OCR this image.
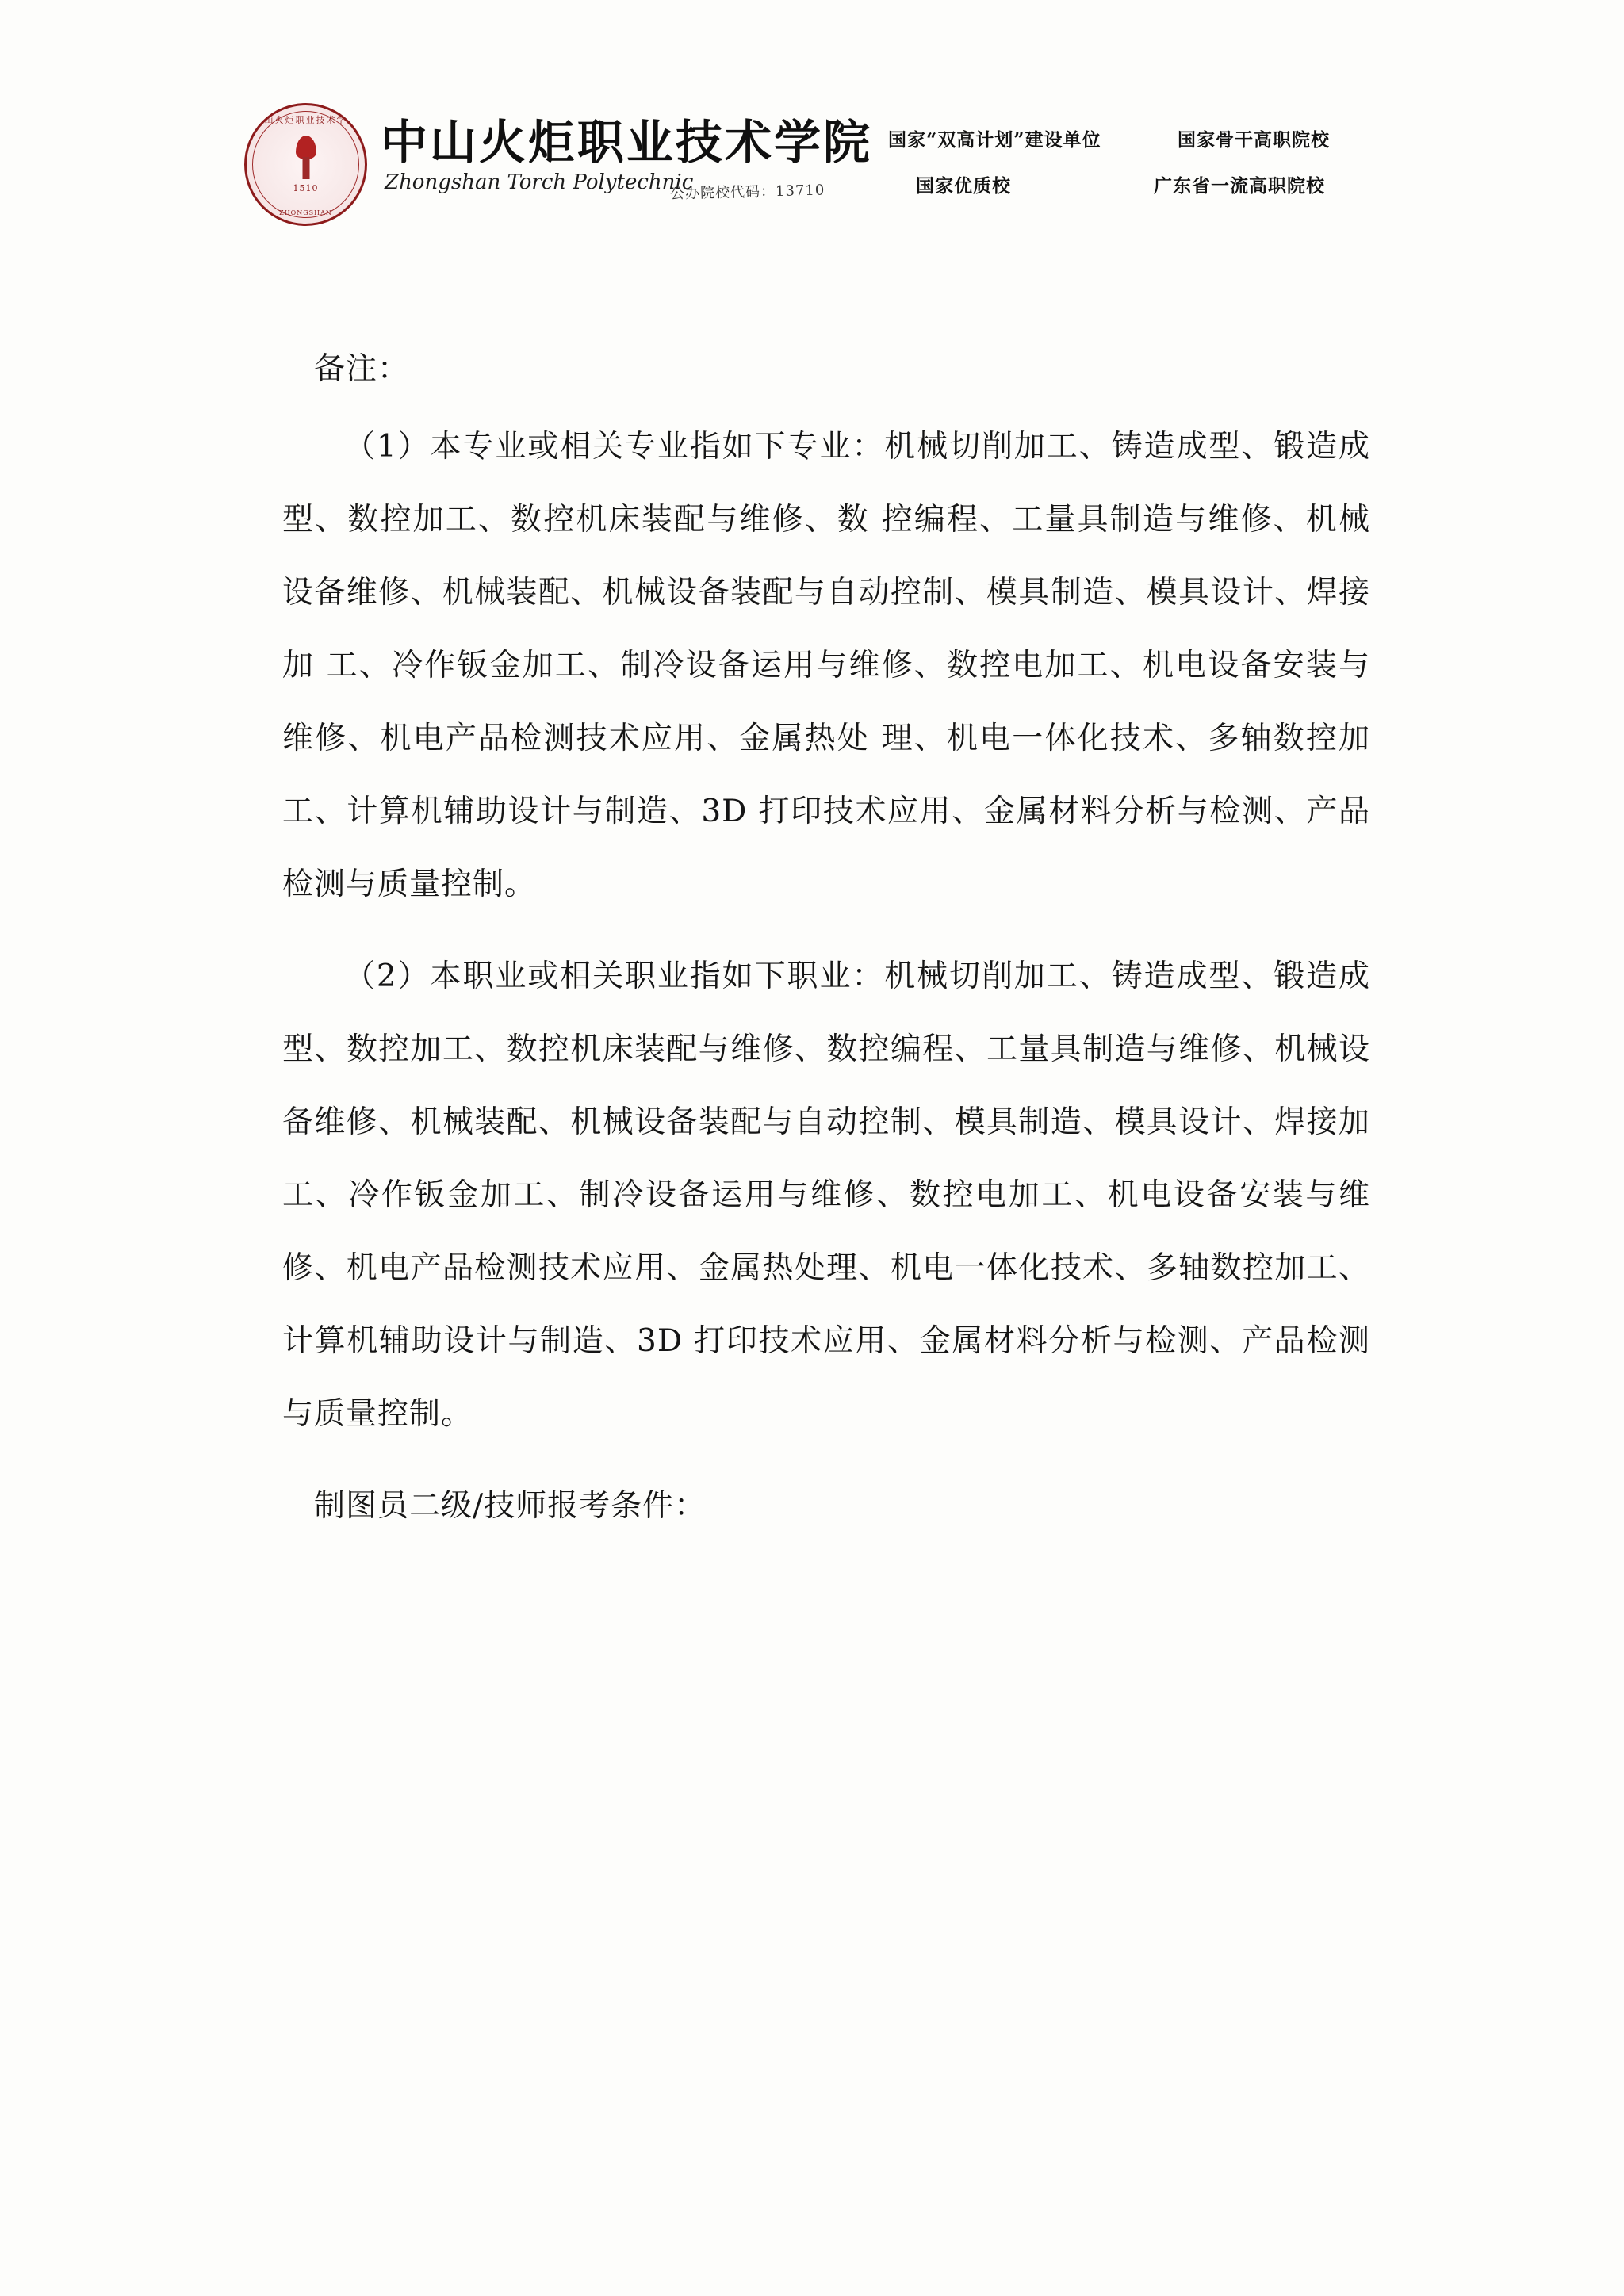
中山火炬职业技术学院
1510
ZHONGSHAN
中山火炬职业技术学院
Zhongshan Torch Polytechnic
公办院校代码：13710
国家“双高计划”建设单位	国家骨干高职院校
国家优质校	广东省一流高职院校

备注：

（1）本专业或相关专业指如下专业：机械切削加工、铸造成型、锻造成型、数控加工、数控机床装配与维修、数 控编程、工量具制造与维修、机械设备维修、机械装配、机械设备装配与自动控制、模具制造、模具设计、焊接加 工、冷作钣金加工、制冷设备运用与维修、数控电加工、机电设备安装与维修、机电产品检测技术应用、金属热处 理、机电一体化技术、多轴数控加工、计算机辅助设计与制造、3D 打印技术应用、金属材料分析与检测、产品检测与质量控制。

（2）本职业或相关职业指如下职业：机械切削加工、铸造成型、锻造成型、数控加工、数控机床装配与维修、数控编程、工量具制造与维修、机械设备维修、机械装配、机械设备装配与自动控制、模具制造、模具设计、焊接加工、冷作钣金加工、制冷设备运用与维修、数控电加工、机电设备安装与维修、机电产品检测技术应用、金属热处理、机电一体化技术、多轴数控加工、计算机辅助设计与制造、3D 打印技术应用、金属材料分析与检测、产品检测与质量控制。

制图员二级/技师报考条件：
